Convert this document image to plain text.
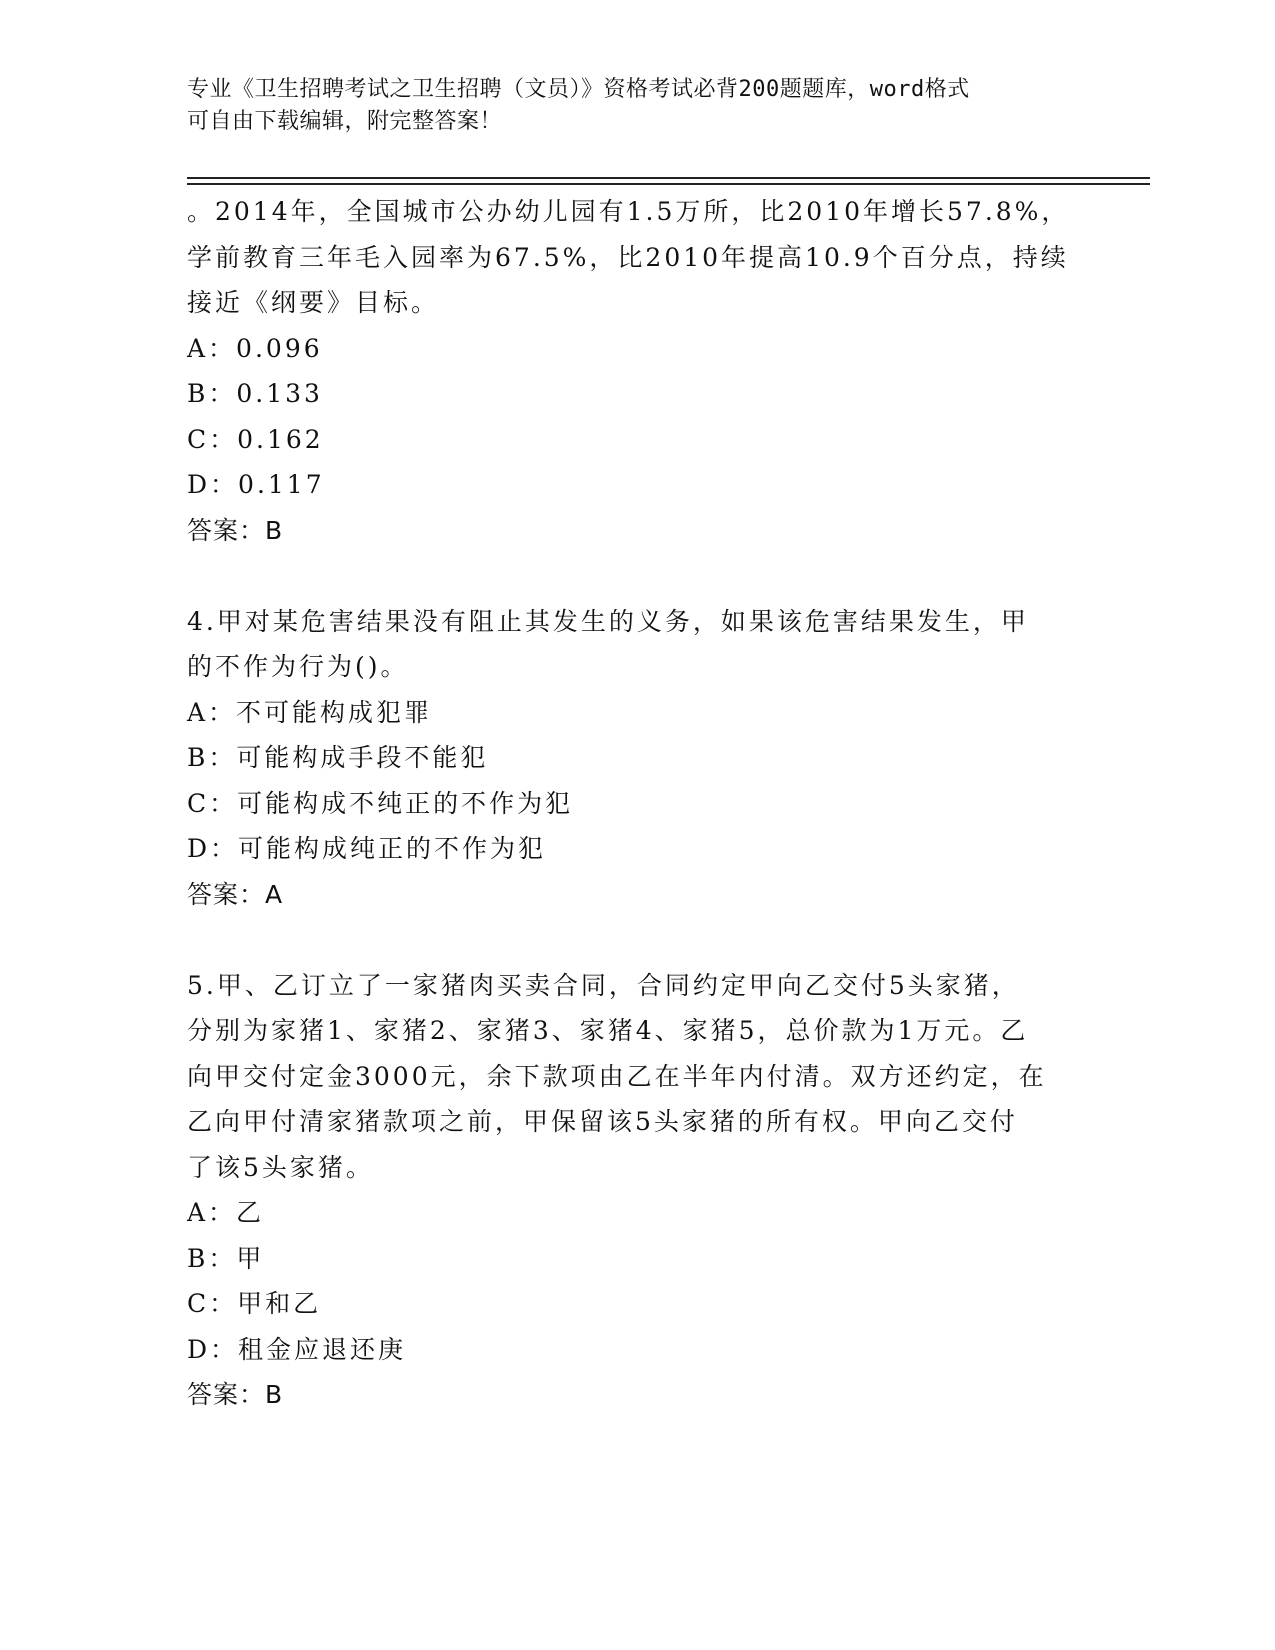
专业《卫生招聘考试之卫生招聘（文员）》资格考试必背200题题库，word格式
可自由下载编辑，附完整答案！
。2014年，全国城市公办幼儿园有1.5万所，比2010年增长57.8%，
学前教育三年毛入园率为67.5%，比2010年提高10.9个百分点，持续
接近《纲要》目标。
A：0.096
B：0.133
C：0.162
D：0.117
答案：B
4.甲对某危害结果没有阻止其发生的义务，如果该危害结果发生，甲
的不作为行为()。
A：不可能构成犯罪
B：可能构成手段不能犯
C：可能构成不纯正的不作为犯
D：可能构成纯正的不作为犯
答案：A
5.甲、乙订立了一家猪肉买卖合同，合同约定甲向乙交付5头家猪，
分别为家猪1、家猪2、家猪3、家猪4、家猪5，总价款为1万元。乙
向甲交付定金3000元，余下款项由乙在半年内付清。双方还约定，在
乙向甲付清家猪款项之前，甲保留该5头家猪的所有权。甲向乙交付
了该5头家猪。
A：乙
B：甲
C：甲和乙
D：租金应退还庚
答案：B
